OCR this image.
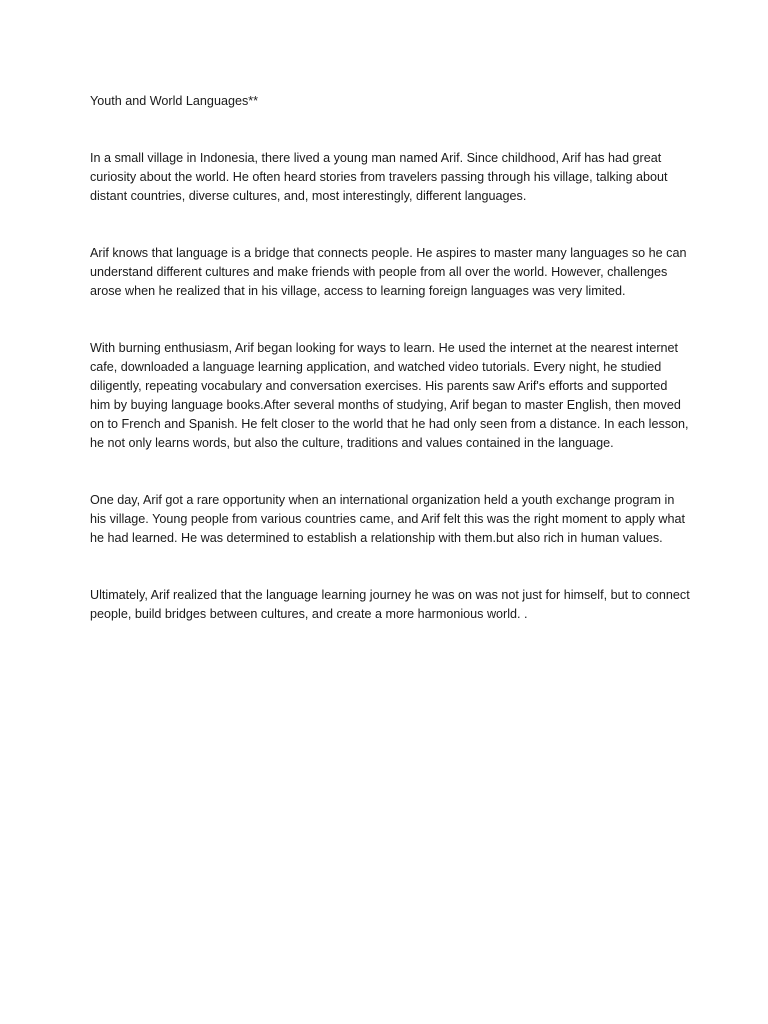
Youth and World Languages**

In a small village in Indonesia, there lived a young man named Arif. Since childhood, Arif has had great curiosity about the world. He often heard stories from travelers passing through his village, talking about distant countries, diverse cultures, and, most interestingly, different languages.

Arif knows that language is a bridge that connects people. He aspires to master many languages so he can understand different cultures and make friends with people from all over the world. However, challenges arose when he realized that in his village, access to learning foreign languages was very limited.

With burning enthusiasm, Arif began looking for ways to learn. He used the internet at the nearest internet cafe, downloaded a language learning application, and watched video tutorials. Every night, he studied diligently, repeating vocabulary and conversation exercises. His parents saw Arif's efforts and supported him by buying language books.After several months of studying, Arif began to master English, then moved on to French and Spanish. He felt closer to the world that he had only seen from a distance. In each lesson, he not only learns words, but also the culture, traditions and values contained in the language.

One day, Arif got a rare opportunity when an international organization held a youth exchange program in his village. Young people from various countries came, and Arif felt this was the right moment to apply what he had learned. He was determined to establish a relationship with them.but also rich in human values.

Ultimately, Arif realized that the language learning journey he was on was not just for himself, but to connect people, build bridges between cultures, and create a more harmonious world. .
